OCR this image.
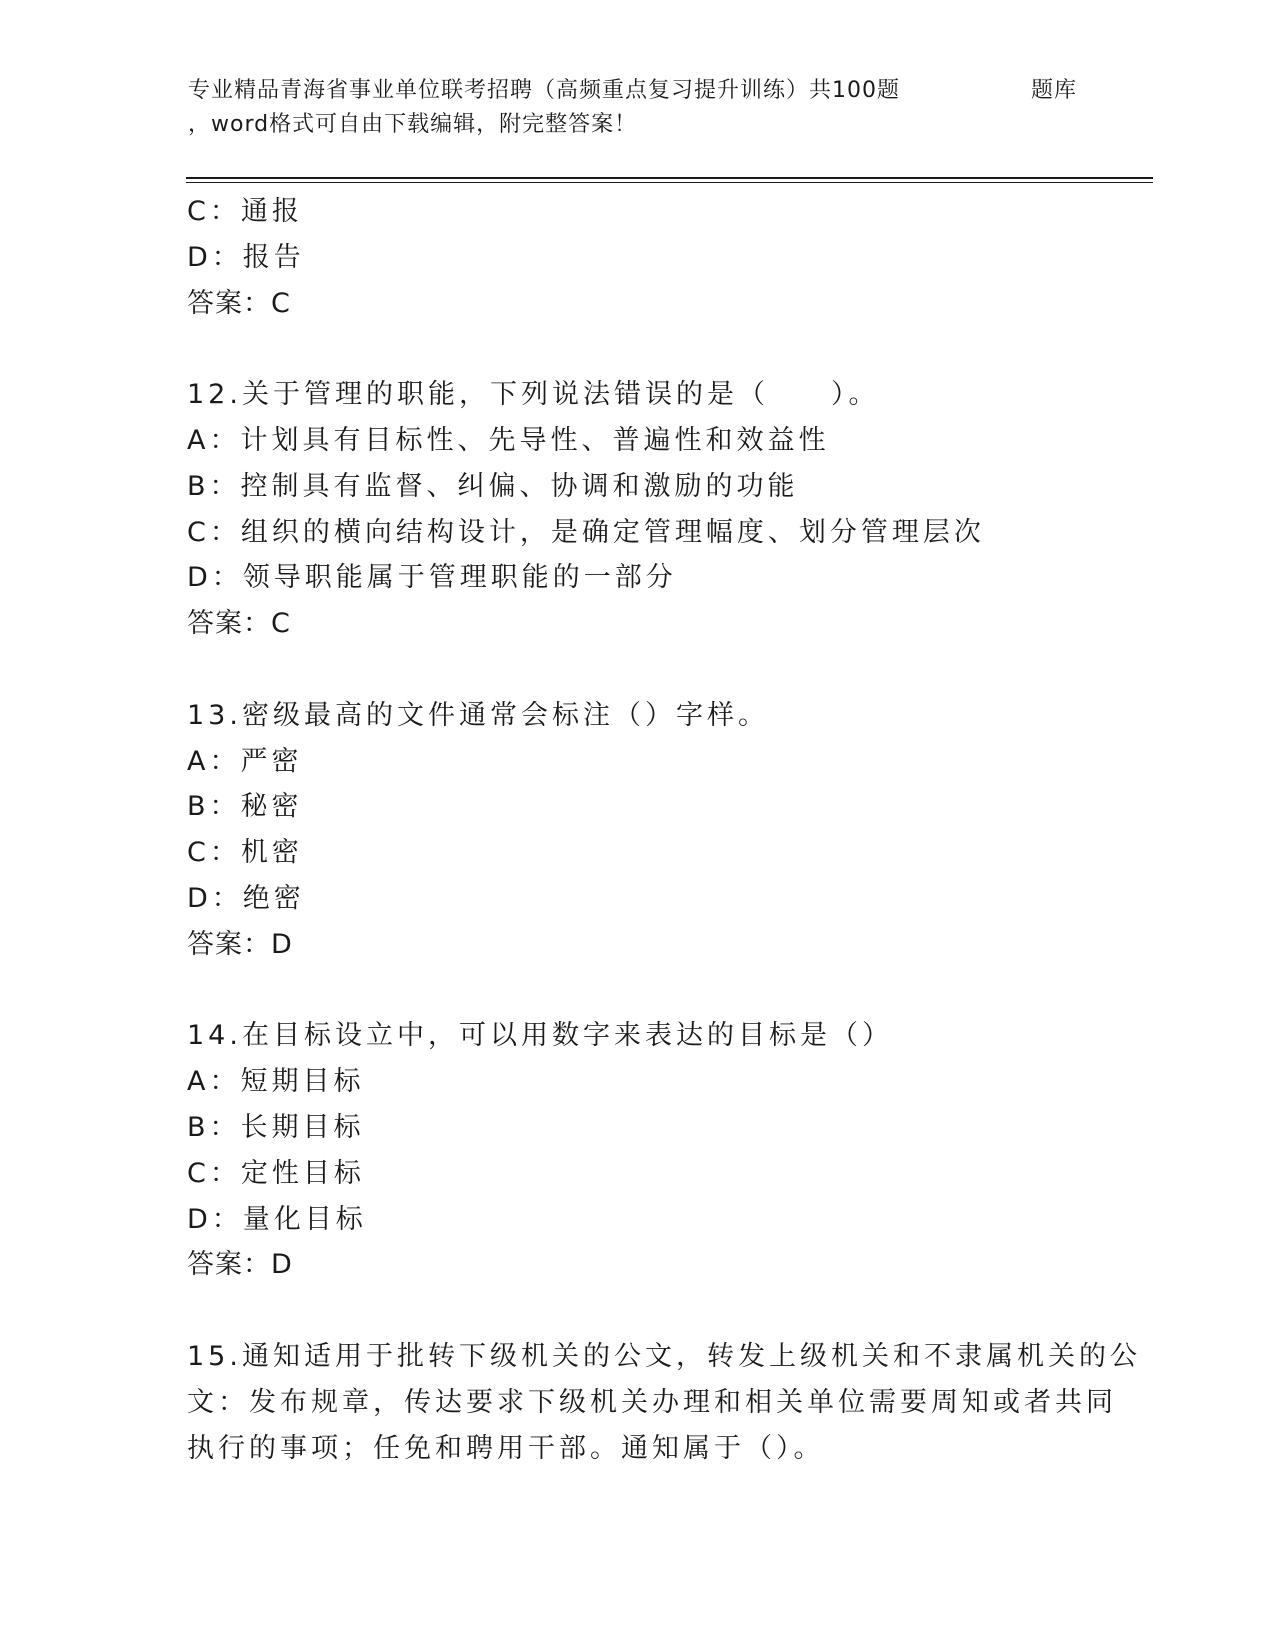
专业精品青海省事业单位联考招聘（高频重点复习提升训练）共100题	题库
，word格式可自由下载编辑，附完整答案！
C：通报
D：报告
答案：C
12.关于管理的职能，下列说法错误的是（　　）。
A：计划具有目标性、先导性、普遍性和效益性
B：控制具有监督、纠偏、协调和激励的功能
C：组织的横向结构设计，是确定管理幅度、划分管理层次
D：领导职能属于管理职能的一部分
答案：C
13.密级最高的文件通常会标注（）字样。
A：严密
B：秘密
C：机密
D：绝密
答案：D
14.在目标设立中，可以用数字来表达的目标是（）
A：短期目标
B：长期目标
C：定性目标
D：量化目标
答案：D
15.通知适用于批转下级机关的公文，转发上级机关和不隶属机关的公
文：发布规章，传达要求下级机关办理和相关单位需要周知或者共同
执行的事项；任免和聘用干部。通知属于（）。
